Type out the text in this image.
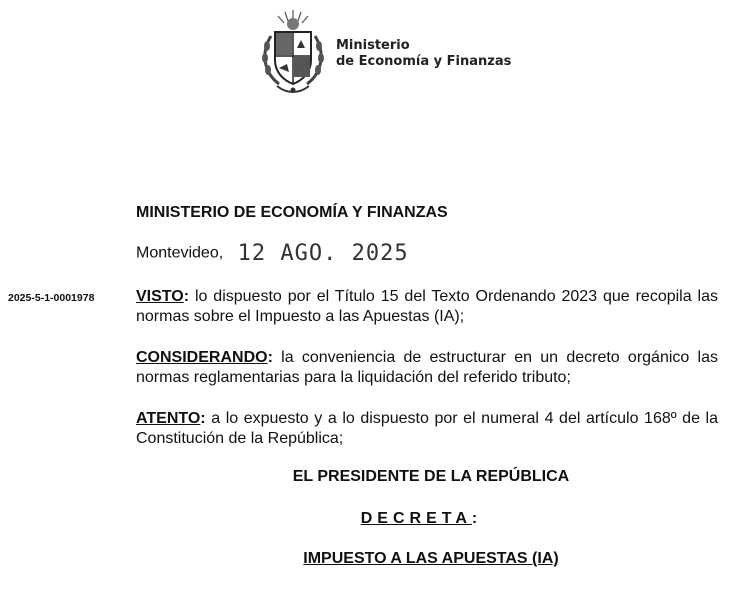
Ministerio
de Economía y Finanzas
MINISTERIO DE ECONOMÍA Y FINANZAS
Montevideo, 12 AGO. 2025
2025-5-1-0001978	VISTO: lo dispuesto por el Título 15 del Texto Ordenando 2023 que recopila las normas sobre el Impuesto a las Apuestas (IA);
CONSIDERANDO: la conveniencia de estructurar en un decreto orgánico las normas reglamentarias para la liquidación del referido tributo;
ATENTO: a lo expuesto y a lo dispuesto por el numeral 4 del artículo 168º de la Constitución de la República;
EL PRESIDENTE DE LA REPÚBLICA
DECRETA:
IMPUESTO A LAS APUESTAS (IA)
